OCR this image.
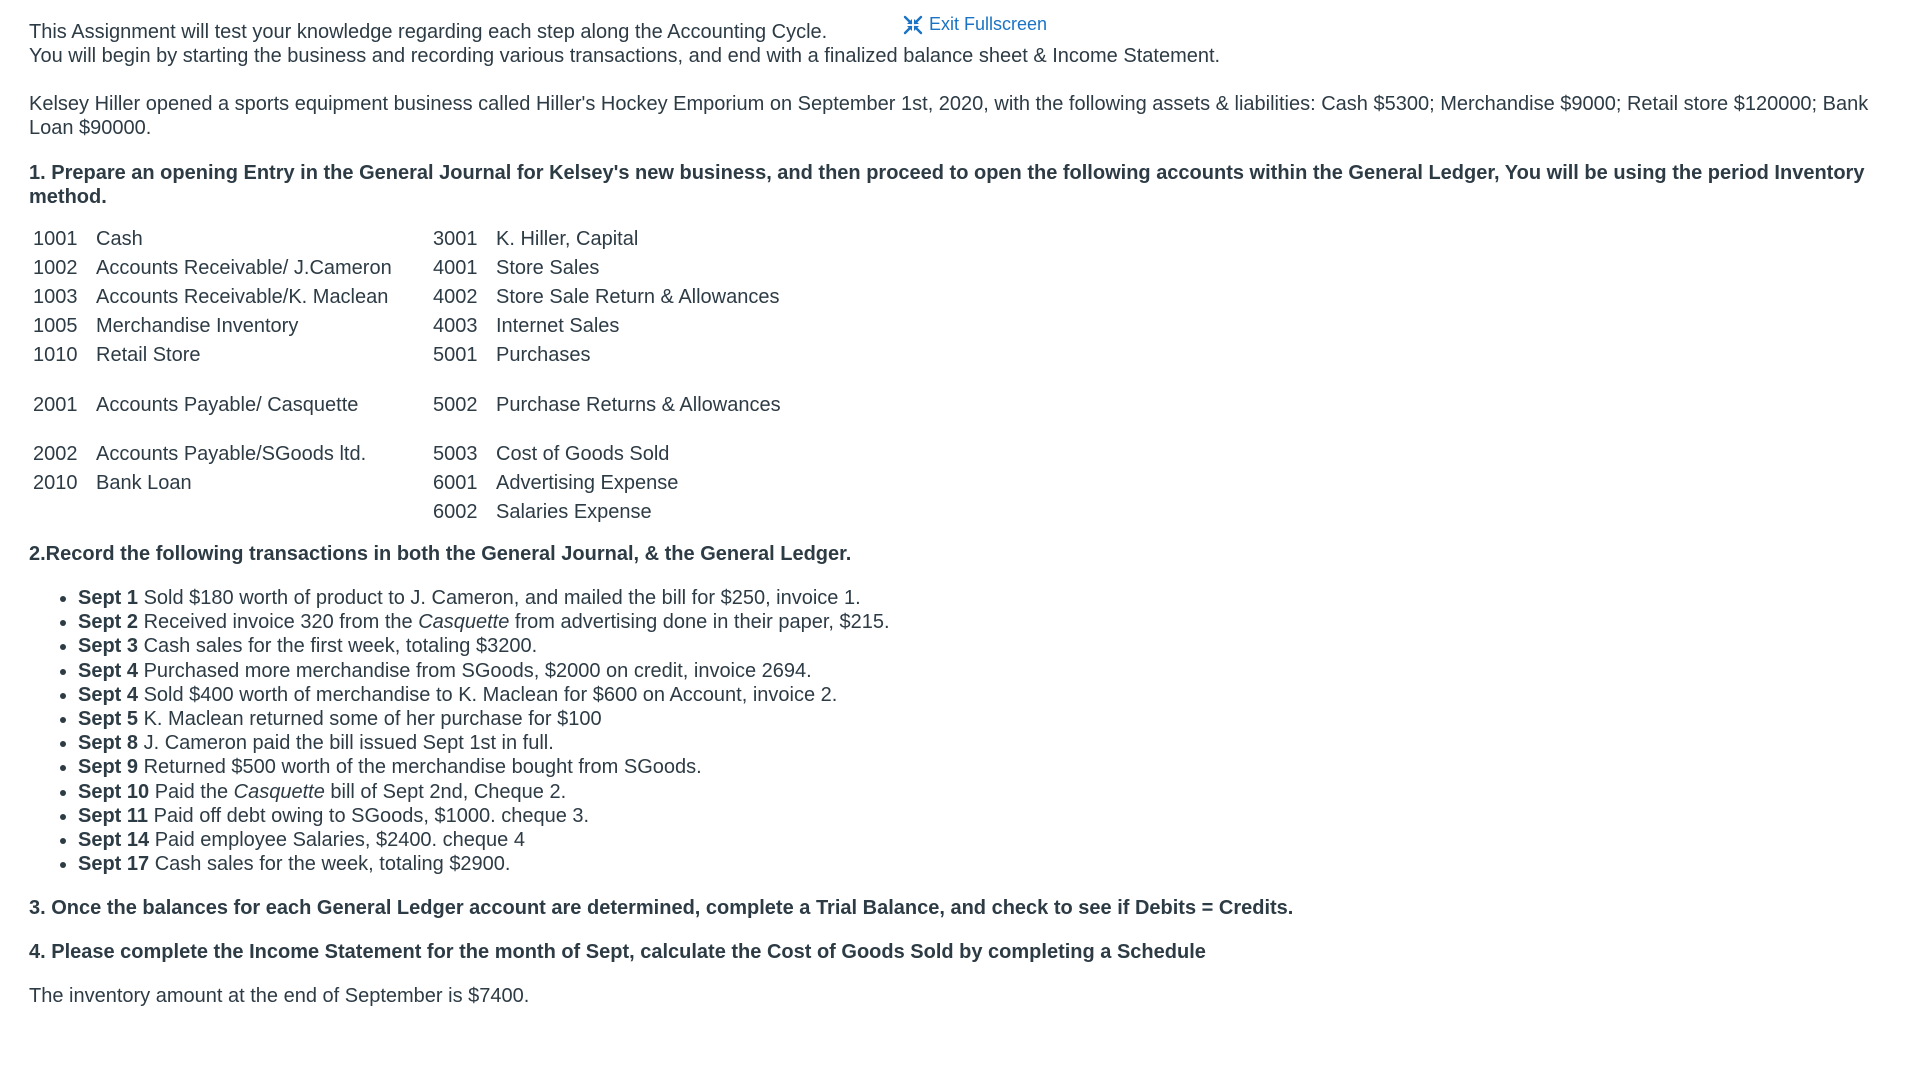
Exit Fullscreen

This Assignment will test your knowledge regarding each step along the Accounting Cycle.

You will begin by starting the business and recording various transactions, and end with a finalized balance sheet & Income Statement.

Kelsey Hiller opened a sports equipment business called Hiller's Hockey Emporium on September 1st, 2020, with the following assets & liabilities: Cash $5300; Merchandise $9000; Retail store $120000; Bank Loan $90000.

1. Prepare an opening Entry in the General Journal for Kelsey's new business, and then proceed to open the following accounts within the General Ledger, You will be using the period Inventory method.

1001 Cash
1002 Accounts Receivable/ J.Cameron
1003 Accounts Receivable/K. Maclean
1005 Merchandise Inventory
1010 Retail Store
2001 Accounts Payable/ Casquette
2002 Accounts Payable/SGoods ltd.
2010 Bank Loan
3001 K. Hiller, Capital
4001 Store Sales
4002 Store Sale Return & Allowances
4003 Internet Sales
5001 Purchases
5002 Purchase Returns & Allowances
5003 Cost of Goods Sold
6001 Advertising Expense
6002 Salaries Expense

2.Record the following transactions in both the General Journal, & the General Ledger.

• Sept 1 Sold $180 worth of product to J. Cameron, and mailed the bill for $250, invoice 1.
• Sept 2 Received invoice 320 from the Casquette from advertising done in their paper, $215.
• Sept 3 Cash sales for the first week, totaling $3200.
• Sept 4 Purchased more merchandise from SGoods, $2000 on credit, invoice 2694.
• Sept 4 Sold $400 worth of merchandise to K. Maclean for $600 on Account, invoice 2.
• Sept 5 K. Maclean returned some of her purchase for $100
• Sept 8 J. Cameron paid the bill issued Sept 1st in full.
• Sept 9 Returned $500 worth of the merchandise bought from SGoods.
• Sept 10 Paid the Casquette bill of Sept 2nd, Cheque 2.
• Sept 11 Paid off debt owing to SGoods, $1000. cheque 3.
• Sept 14 Paid employee Salaries, $2400. cheque 4
• Sept 17 Cash sales for the week, totaling $2900.

3. Once the balances for each General Ledger account are determined, complete a Trial Balance, and check to see if Debits = Credits.

4. Please complete the Income Statement for the month of Sept, calculate the Cost of Goods Sold by completing a Schedule

The inventory amount at the end of September is $7400.
